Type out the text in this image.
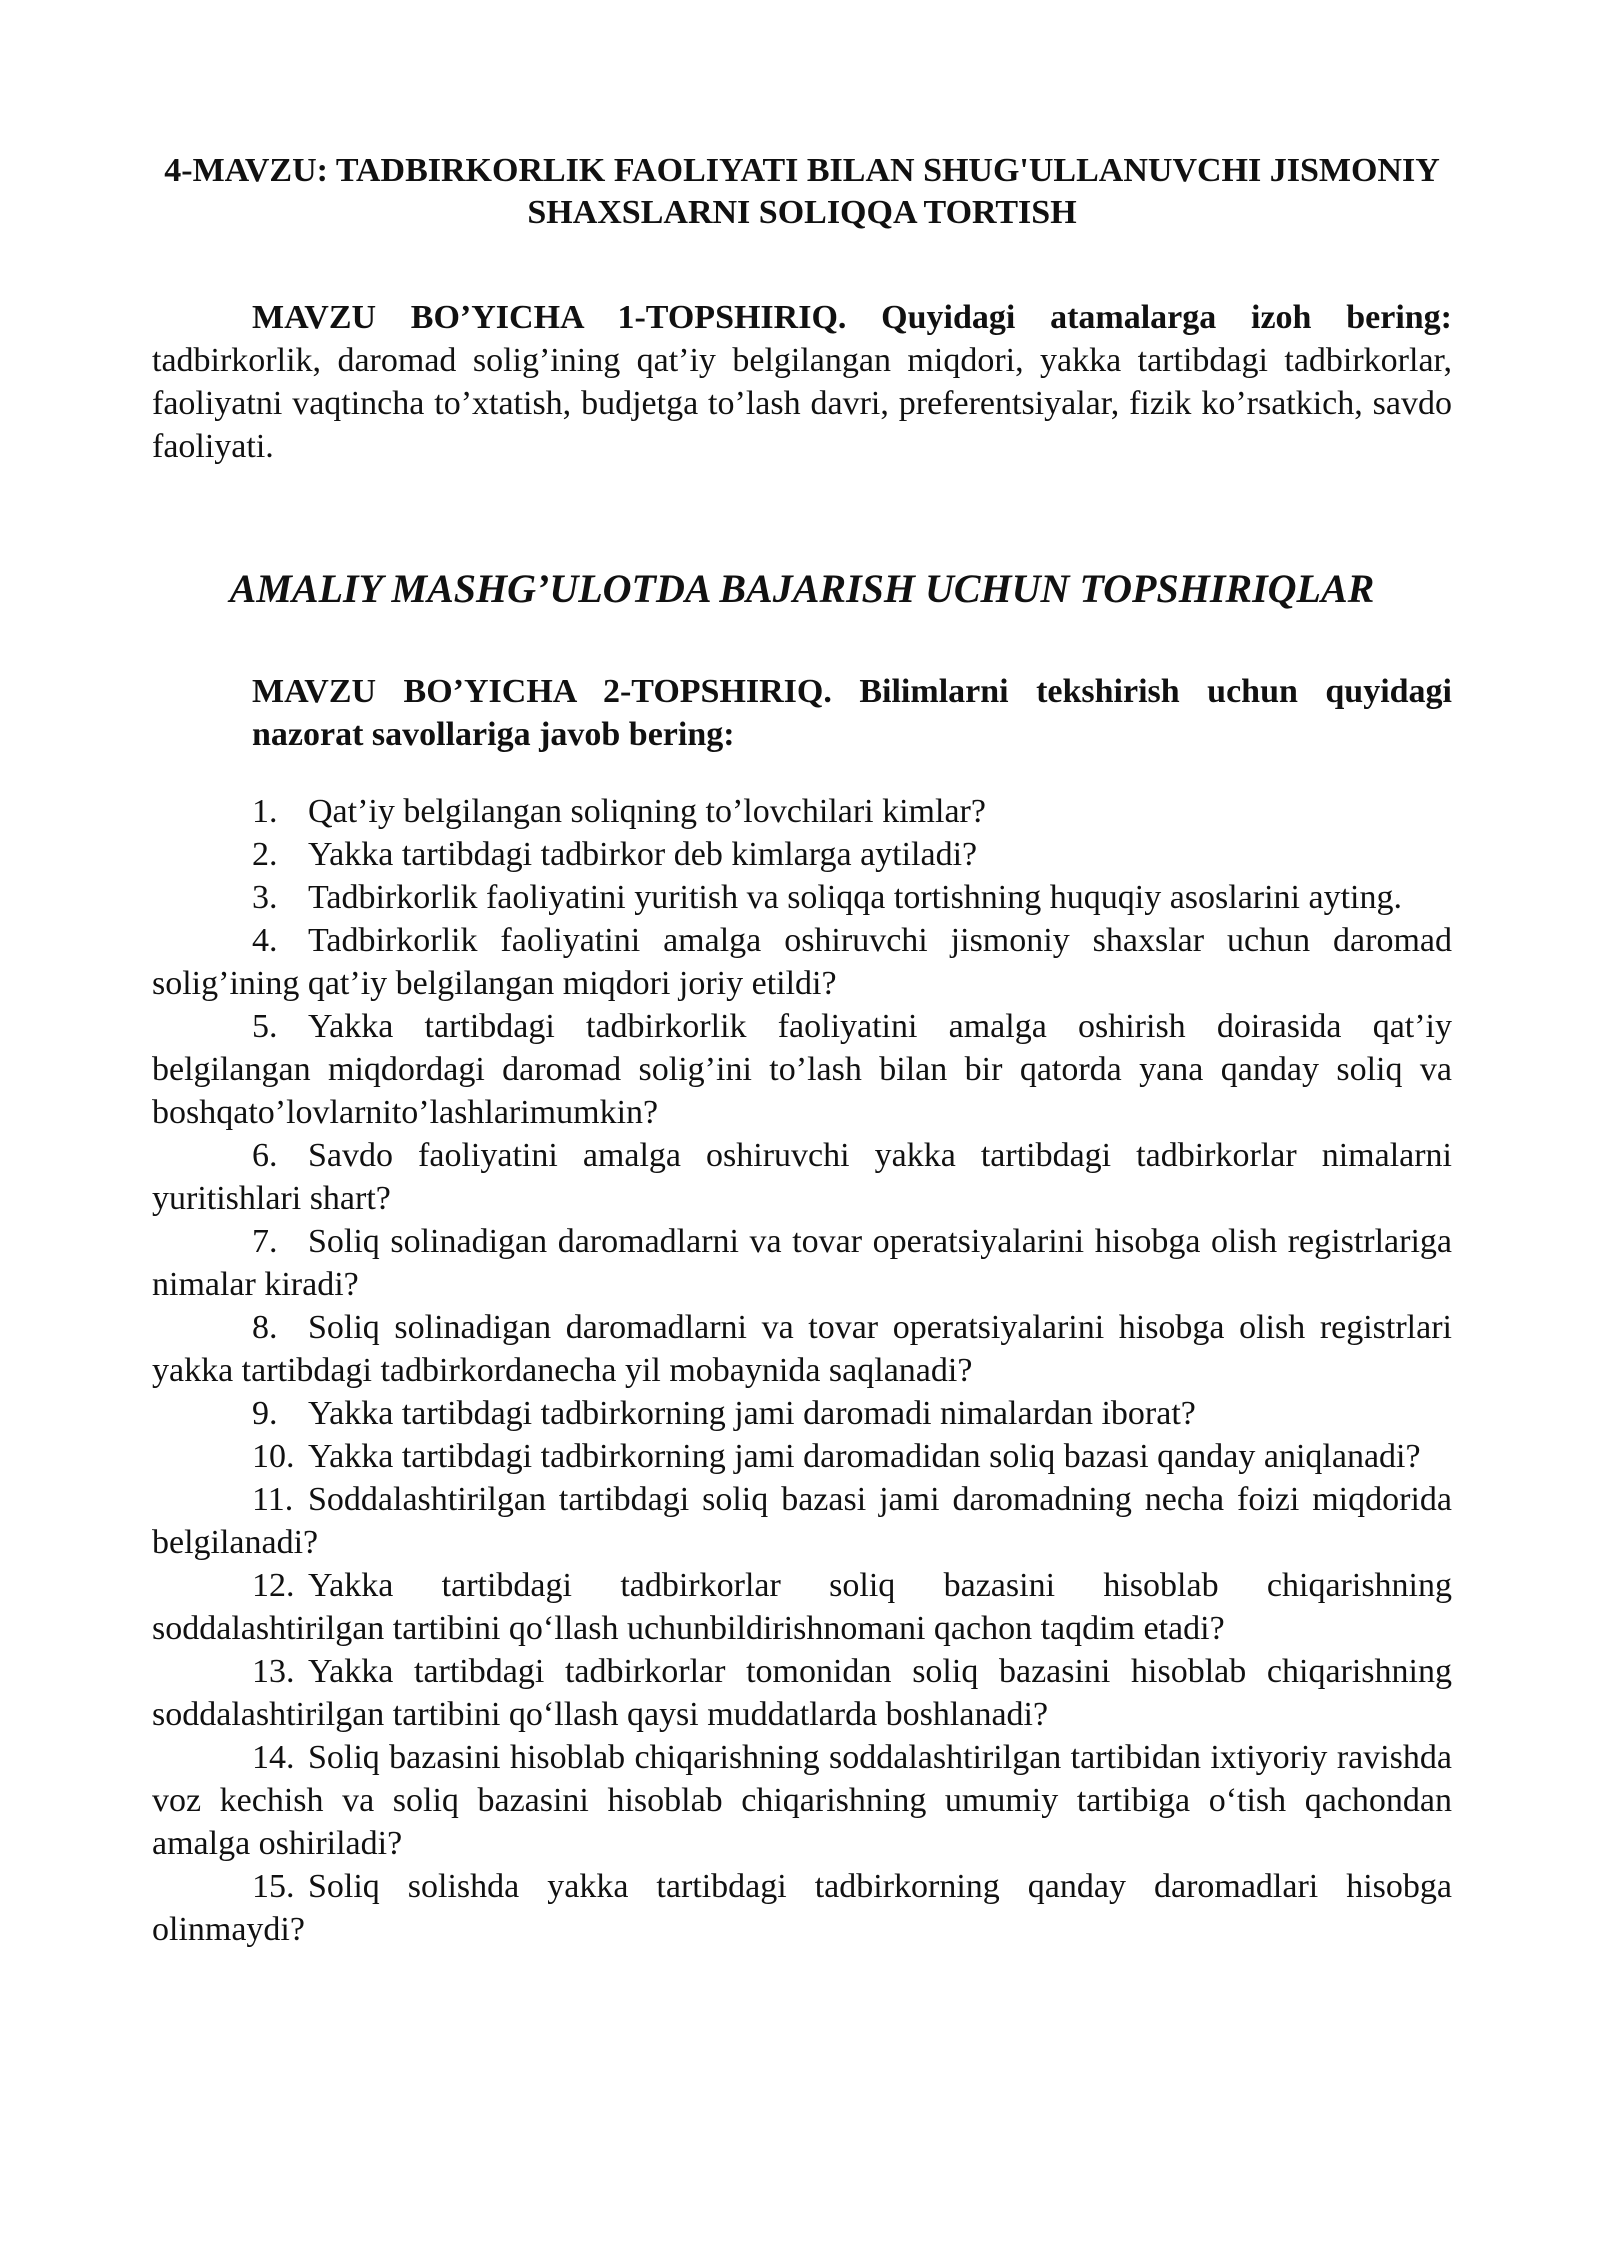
4-MAVZU: TADBIRKORLIK FAOLIYATI BILAN SHUG'ULLANUVCHI JISMONIY SHAXSLARNI SOLIQQA TORTISH

MAVZU BO’YICHA 1-TOPSHIRIQ. Quyidagi atamalarga izoh bering: tadbirkorlik, daromad solig’ining qat’iy belgilangan miqdori, yakka tartibdagi tadbirkorlar, faoliyatni vaqtincha to’xtatish, budjetga to’lash davri, preferentsiyalar, fizik ko’rsatkich, savdo faoliyati.

AMALIY MASHG’ULOTDA BAJARISH UCHUN TOPSHIRIQLAR

MAVZU BO’YICHA 2-TOPSHIRIQ. Bilimlarni tekshirish uchun quyidagi nazorat savollariga javob bering:

1. Qat’iy belgilangan soliqning to’lovchilari kimlar?
2. Yakka tartibdagi tadbirkor deb kimlarga aytiladi?
3. Tadbirkorlik faoliyatini yuritish va soliqqa tortishning huquqiy asoslarini ayting.
4. Tadbirkorlik faoliyatini amalga oshiruvchi jismoniy shaxslar uchun daromad solig’ining qat’iy belgilangan miqdori joriy etildi?
5. Yakka tartibdagi tadbirkorlik faoliyatini amalga oshirish doirasida qat’iy belgilangan miqdordagi daromad solig’ini to’lash bilan bir qatorda yana qanday soliq va boshqato’lovlarnito’lashlarimumkin?
6. Savdo faoliyatini amalga oshiruvchi yakka tartibdagi tadbirkorlar nimalarni yuritishlari shart?
7. Soliq solinadigan daromadlarni va tovar operatsiyalarini hisobga olish registrlariga nimalar kiradi?
8. Soliq solinadigan daromadlarni va tovar operatsiyalarini hisobga olish registrlari yakka tartibdagi tadbirkordanecha yil mobaynida saqlanadi?
9. Yakka tartibdagi tadbirkorning jami daromadi nimalardan iborat?
10. Yakka tartibdagi tadbirkorning jami daromadidan soliq bazasi qanday aniqlanadi?
11. Soddalashtirilgan tartibdagi soliq bazasi jami daromadning necha foizi miqdorida belgilanadi?
12. Yakka tartibdagi tadbirkorlar soliq bazasini hisoblab chiqarishning soddalashtirilgan tartibini qo‘llash uchunbildirishnomani qachon taqdim etadi?
13. Yakka tartibdagi tadbirkorlar tomonidan soliq bazasini hisoblab chiqarishning soddalashtirilgan tartibini qo‘llash qaysi muddatlarda boshlanadi?
14. Soliq bazasini hisoblab chiqarishning soddalashtirilgan tartibidan ixtiyoriy ravishda voz kechish va soliq bazasini hisoblab chiqarishning umumiy tartibiga o‘tish qachondan amalga oshiriladi?
15. Soliq solishda yakka tartibdagi tadbirkorning qanday daromadlari hisobga olinmaydi?
